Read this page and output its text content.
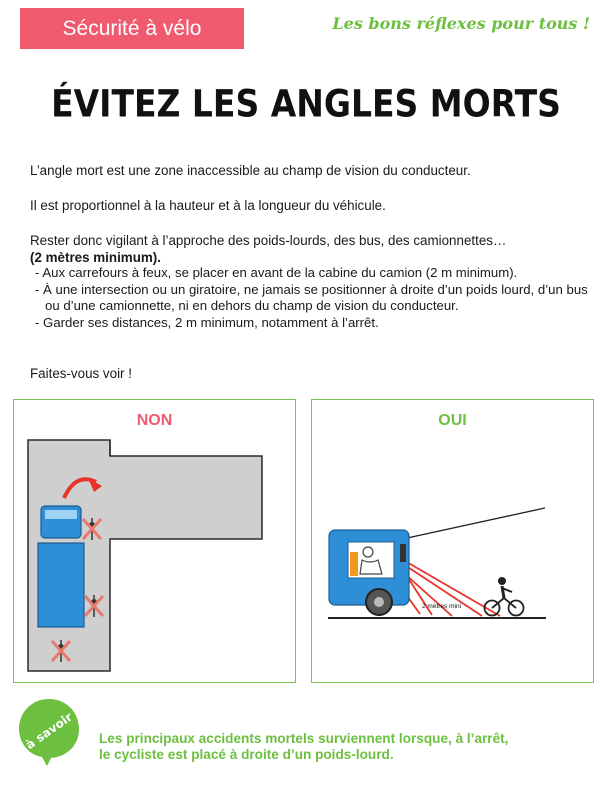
Sécurité à vélo	Les bons réflexes pour tous !
ÉVITEZ LES ANGLES MORTS
L’angle mort est une zone inaccessible au champ de vision du conducteur.
Il est proportionnel à la hauteur et à la longueur du véhicule.
Rester donc vigilant à l’approche des poids-lourds, des bus, des camionnettes…
(2 mètres minimum).
- Aux carrefours à feux, se placer en avant de la cabine du camion (2 m minimum).
- À une intersection ou un giratoire, ne jamais se positionner à droite d’un poids lourd, d’un bus ou d’une camionnette, ni en dehors du champ de vision du conducteur.
- Garder ses distances, 2 m minimum, notamment à l’arrêt.
Faites-vous voir !
NON	OUI
2 mètres mini
à savoir Les principaux accidents mortels surviennent lorsque, à l’arrêt,
le cycliste est placé à droite d’un poids-lourd.
